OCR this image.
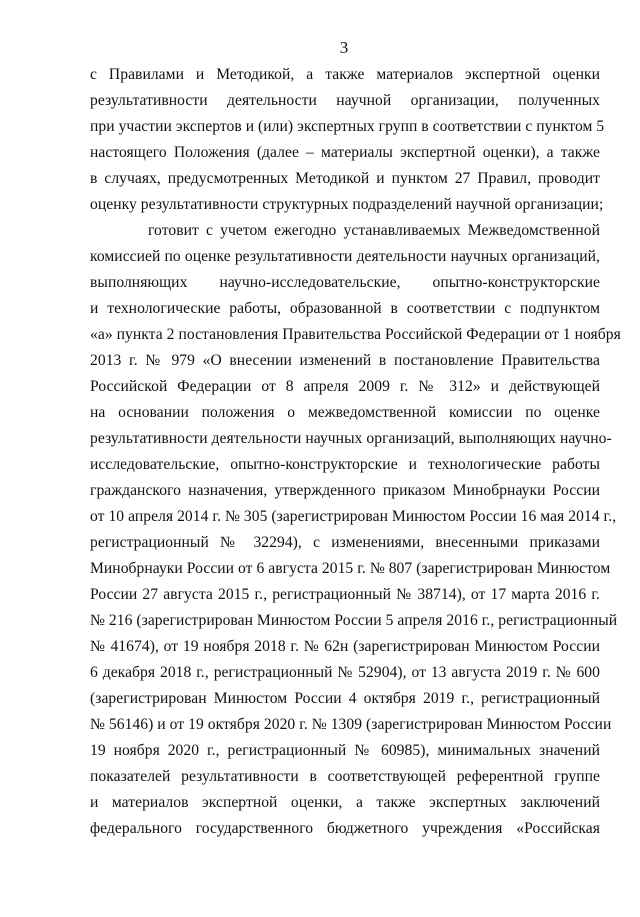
3
с Правилами и Методикой, а также материалов экспертной оценки
результативности деятельности научной организации, полученных
при участии экспертов и (или) экспертных групп в соответствии с пунктом 5
настоящего Положения (далее – материалы экспертной оценки), а также
в случаях, предусмотренных Методикой и пунктом 27 Правил, проводит
оценку результативности структурных подразделений научной организации;
готовит с учетом ежегодно устанавливаемых Межведомственной
комиссией по оценке результативности деятельности научных организаций,
выполняющих научно-исследовательские, опытно-конструкторские
и технологические работы, образованной в соответствии с подпунктом
«а» пункта 2 постановления Правительства Российской Федерации от 1 ноября
2013 г. № 979 «О внесении изменений в постановление Правительства
Российской Федерации от 8 апреля 2009 г. № 312» и действующей
на основании положения о межведомственной комиссии по оценке
результативности деятельности научных организаций, выполняющих научно-
исследовательские, опытно-конструкторские и технологические работы
гражданского назначения, утвержденного приказом Минобрнауки России
от 10 апреля 2014 г. № 305 (зарегистрирован Минюстом России 16 мая 2014 г.,
регистрационный № 32294), с изменениями, внесенными приказами
Минобрнауки России от 6 августа 2015 г. № 807 (зарегистрирован Минюстом
России 27 августа 2015 г., регистрационный № 38714), от 17 марта 2016 г.
№ 216 (зарегистрирован Минюстом России 5 апреля 2016 г., регистрационный
№ 41674), от 19 ноября 2018 г. № 62н (зарегистрирован Минюстом России
6 декабря 2018 г., регистрационный № 52904), от 13 августа 2019 г. № 600
(зарегистрирован Минюстом России 4 октября 2019 г., регистрационный
№ 56146) и от 19 октября 2020 г. № 1309 (зарегистрирован Минюстом России
19 ноября 2020 г., регистрационный № 60985), минимальных значений
показателей результативности в соответствующей референтной группе
и материалов экспертной оценки, а также экспертных заключений
федерального государственного бюджетного учреждения «Российская
